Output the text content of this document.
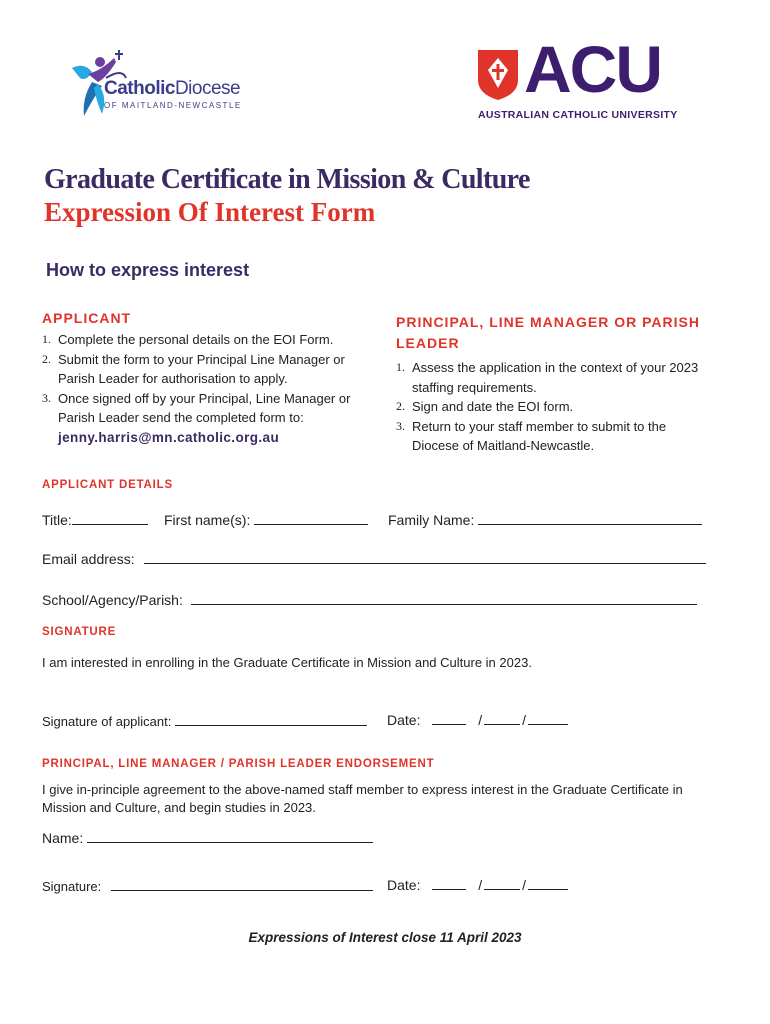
CatholicDiocese
OF MAITLAND-NEWCASTLE	ACU
AUSTRALIAN CATHOLIC UNIVERSITY
Graduate Certificate in Mission & Culture
Expression Of Interest Form
How to express interest
APPLICANT
1. Complete the personal details on the EOI Form.
2. Submit the form to your Principal Line Manager or Parish Leader for authorisation to apply.
3. Once signed off by your Principal, Line Manager or Parish Leader send the completed form to:
jenny.harris@mn.catholic.org.au
PRINCIPAL, LINE MANAGER OR PARISH LEADER
1. Assess the application in the context of your 2023 staffing requirements.
2. Sign and date the EOI form.
3. Return to your staff member to submit to the Diocese of Maitland-Newcastle.
APPLICANT DETAILS
Title:	First name(s):	Family Name:
Email address:
School/Agency/Parish:
SIGNATURE
I am interested in enrolling in the Graduate Certificate in Mission and Culture in 2023.
Signature of applicant:	Date:	/	/
PRINCIPAL, LINE MANAGER / PARISH LEADER ENDORSEMENT
I give in-principle agreement to the above-named staff member to express interest in the Graduate Certificate in Mission and Culture, and begin studies in 2023.
Name:
Signature:	Date:	/	/
Expressions of Interest close 11 April 2023
